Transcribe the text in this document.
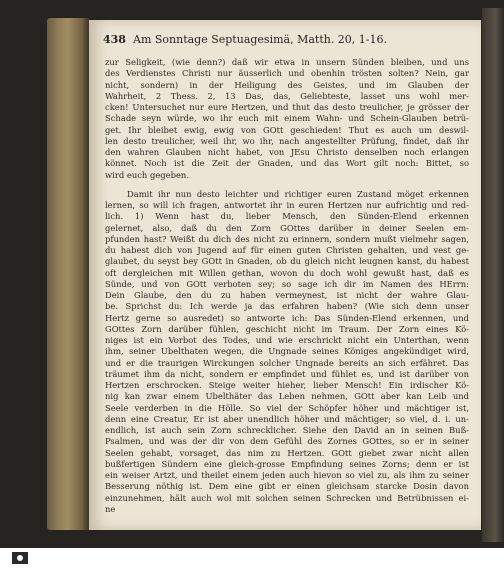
438 Am Sonntage Septuagesimä, Matth. 20, 1-16.
zur Seligkeit, (wie denn?) daß wir etwa in unsern Sünden bleiben, und uns
des Verdienstes Christi nur äusserlich und obenhin trösten solten? Nein, gar
nicht, sondern) in der Heiligung des Geistes, und im Glauben der
Wahrheit, 2 Thess. 2, 13 Das, das, Geliebteste, lasset uns wohl mer-
cken! Untersuchet nur eure Hertzen, und thut das desto treulicher, je grösser der
Schade seyn würde, wo ihr euch mit einem Wahn- und Schein-Glauben betrü-
get. Ihr bleibet ewig, ewig von GOtt geschieden! Thut es auch um deswil-
len desto treulicher, weil ihr, wo ihr, nach angestellter Prüfung, findet, daß ihr
den wahren Glauben nicht habet, von JEsu Christo denselben noch erlangen
könnet. Noch ist die Zeit der Gnaden, und das Wort gilt noch: Bittet, so
wird euch gegeben.
Damit ihr nun desto leichter und richtiger euren Zustand möget erkennen
lernen, so will ich fragen, antwortet ihr in euren Hertzen nur aufrichtig und red-
lich. 1) Wenn hast du, lieber Mensch, den Sünden-Elend erkennen
gelernet, also, daß du den Zorn GOttes darüber in deiner Seelen em-
pfunden hast? Weißt du dich des nicht zu erinnern, sondern mußt vielmehr sagen,
du habest dich von Jugend auf für einen guten Christen gehalten, und vest ge-
glaubet, du seyst bey GOtt in Gnaden, ob du gleich nicht leugnen kanst, du habest
oft dergleichen mit Willen gethan, wovon du doch wohl gewußt hast, daß es
Sünde, und von GOtt verboten sey; so sage ich dir im Namen des HErrn:
Dein Glaube, den du zu haben vermeynest, ist nicht der wahre Glau-
be. Sprichst du: Ich werde ja das erfahren haben? (Wie sich denn unser
Hertz gerne so ausredet) so antworte ich: Das Sünden-Elend erkennen, und
GOttes Zorn darüber fühlen, geschicht nicht im Traum. Der Zorn eines Kö-
niges ist ein Vorbot des Todes, und wie erschrickt nicht ein Unterthan, wenn
ihm, seiner Ubelthaten wegen, die Ungnade seines Königes angekündiget wird,
und er die traurigen Wirckungen solcher Ungnade bereits an sich erfähret. Das
träumet ihm da nicht, sondern er empfindet und fühlet es, und ist darüber von
Hertzen erschrocken. Steige weiter hieher, lieber Mensch! Ein irdischer Kö-
nig kan zwar einem Ubelthäter das Leben nehmen, GOtt aber kan Leib und
Seele verderben in die Hölle. So viel der Schöpfer höher und mächtiger ist,
denn eine Creatur, Er ist aber unendlich höher und mächtiger; so viel, d. i. un-
endlich, ist auch sein Zorn schrecklicher. Siehe den David an in seinen Buß-
Psalmen, und was der dir von dem Gefühl des Zornes GOttes, so er in seiner
Seelen gehabt, vorsaget, das nim zu Hertzen. GOtt giebet zwar nicht allen
bußfertigen Sündern eine gleich-grosse Empfindung seines Zorns; denn er ist
ein weiser Artzt, und theilet einem jeden auch hievon so viel zu, als ihm zu seiner
Besserung nöthig ist. Dem eine gibt er einen gleichsam starcke Dosin davon
einzunehmen, hält auch wol mit solchen seinen Schrecken und Betrübnissen ei-
ne
